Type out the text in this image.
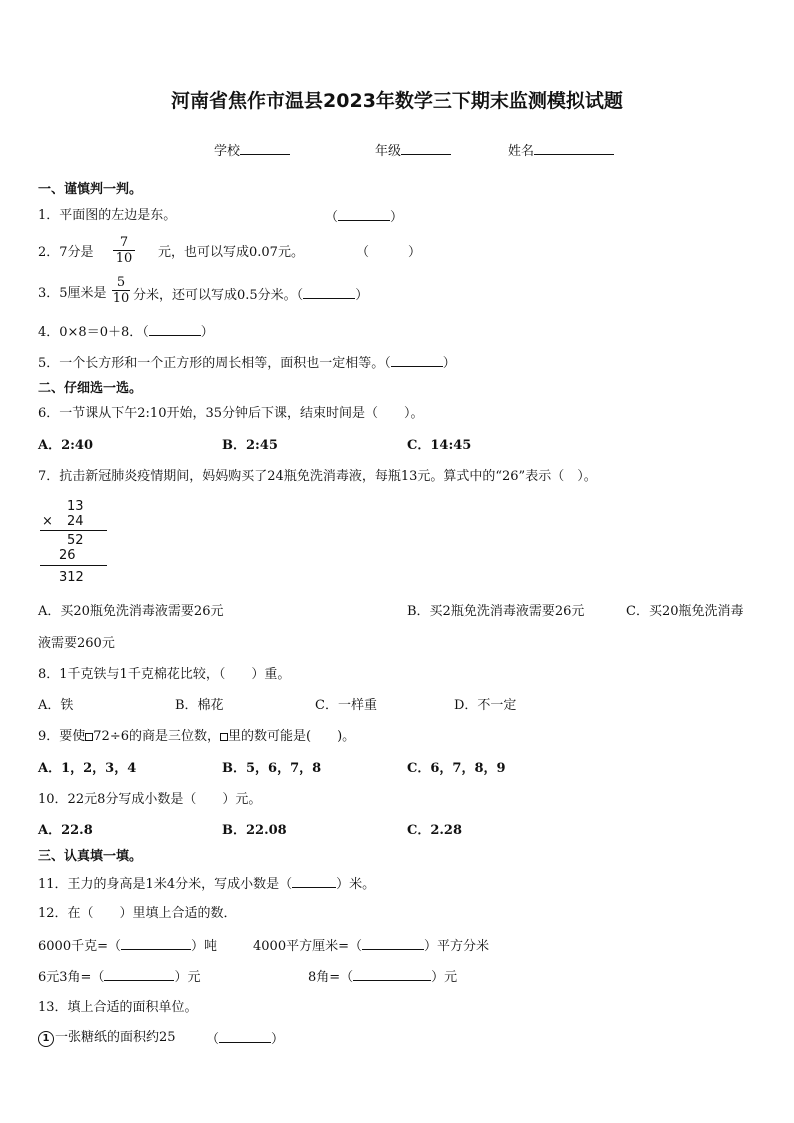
河南省焦作市温县2023年数学三下期末监测模拟试题
学校	年级	姓名
一、谨慎判一判。
1．平面图的左边是东。	（	）
2．7分是
7
10 元，也可以写成0.07元。	（　　　）
3．5厘米是
5
10 分米，还可以写成0.5分米。（	）
4．0×8＝0＋8．（	）
5．一个长方形和一个正方形的周长相等，面积也一定相等。（	）
二、仔细选一选。
6．一节课从下午2:10开始，35分钟后下课，结束时间是（　　）。
A．2:40	B．2:45	C．14:45
7．抗击新冠肺炎疫情期间，妈妈购买了24瓶免洗消毒液，每瓶13元。算式中的“26”表示（　）。
13
× 24
52
26
312
A．买20瓶免洗消毒液需要26元	B．买2瓶免洗消毒液需要26元	C．买20瓶免洗消毒
液需要260元
8．1千克铁与1千克棉花比较，（　　）重。
A．铁	B．棉花	C．一样重	D．不一定
9．要使 72÷6的商是三位数， 里的数可能是(　　)。
A．1，2，3，4	B．5，6，7，8	C．6，7，8，9
10．22元8分写成小数是（　　）元。
A．22.8	B．22.08	C．2.28
三、认真填一填。
11．王力的身高是1米4分米，写成小数是（	）米。
12．在（　　）里填上合适的数．
6000千克=（	）吨	4000平方厘米=（	）平方分米
6元3角=（	）元	8角=（	）元
13．填上合适的面积单位。
1 一张糖纸的面积约25 （	）
